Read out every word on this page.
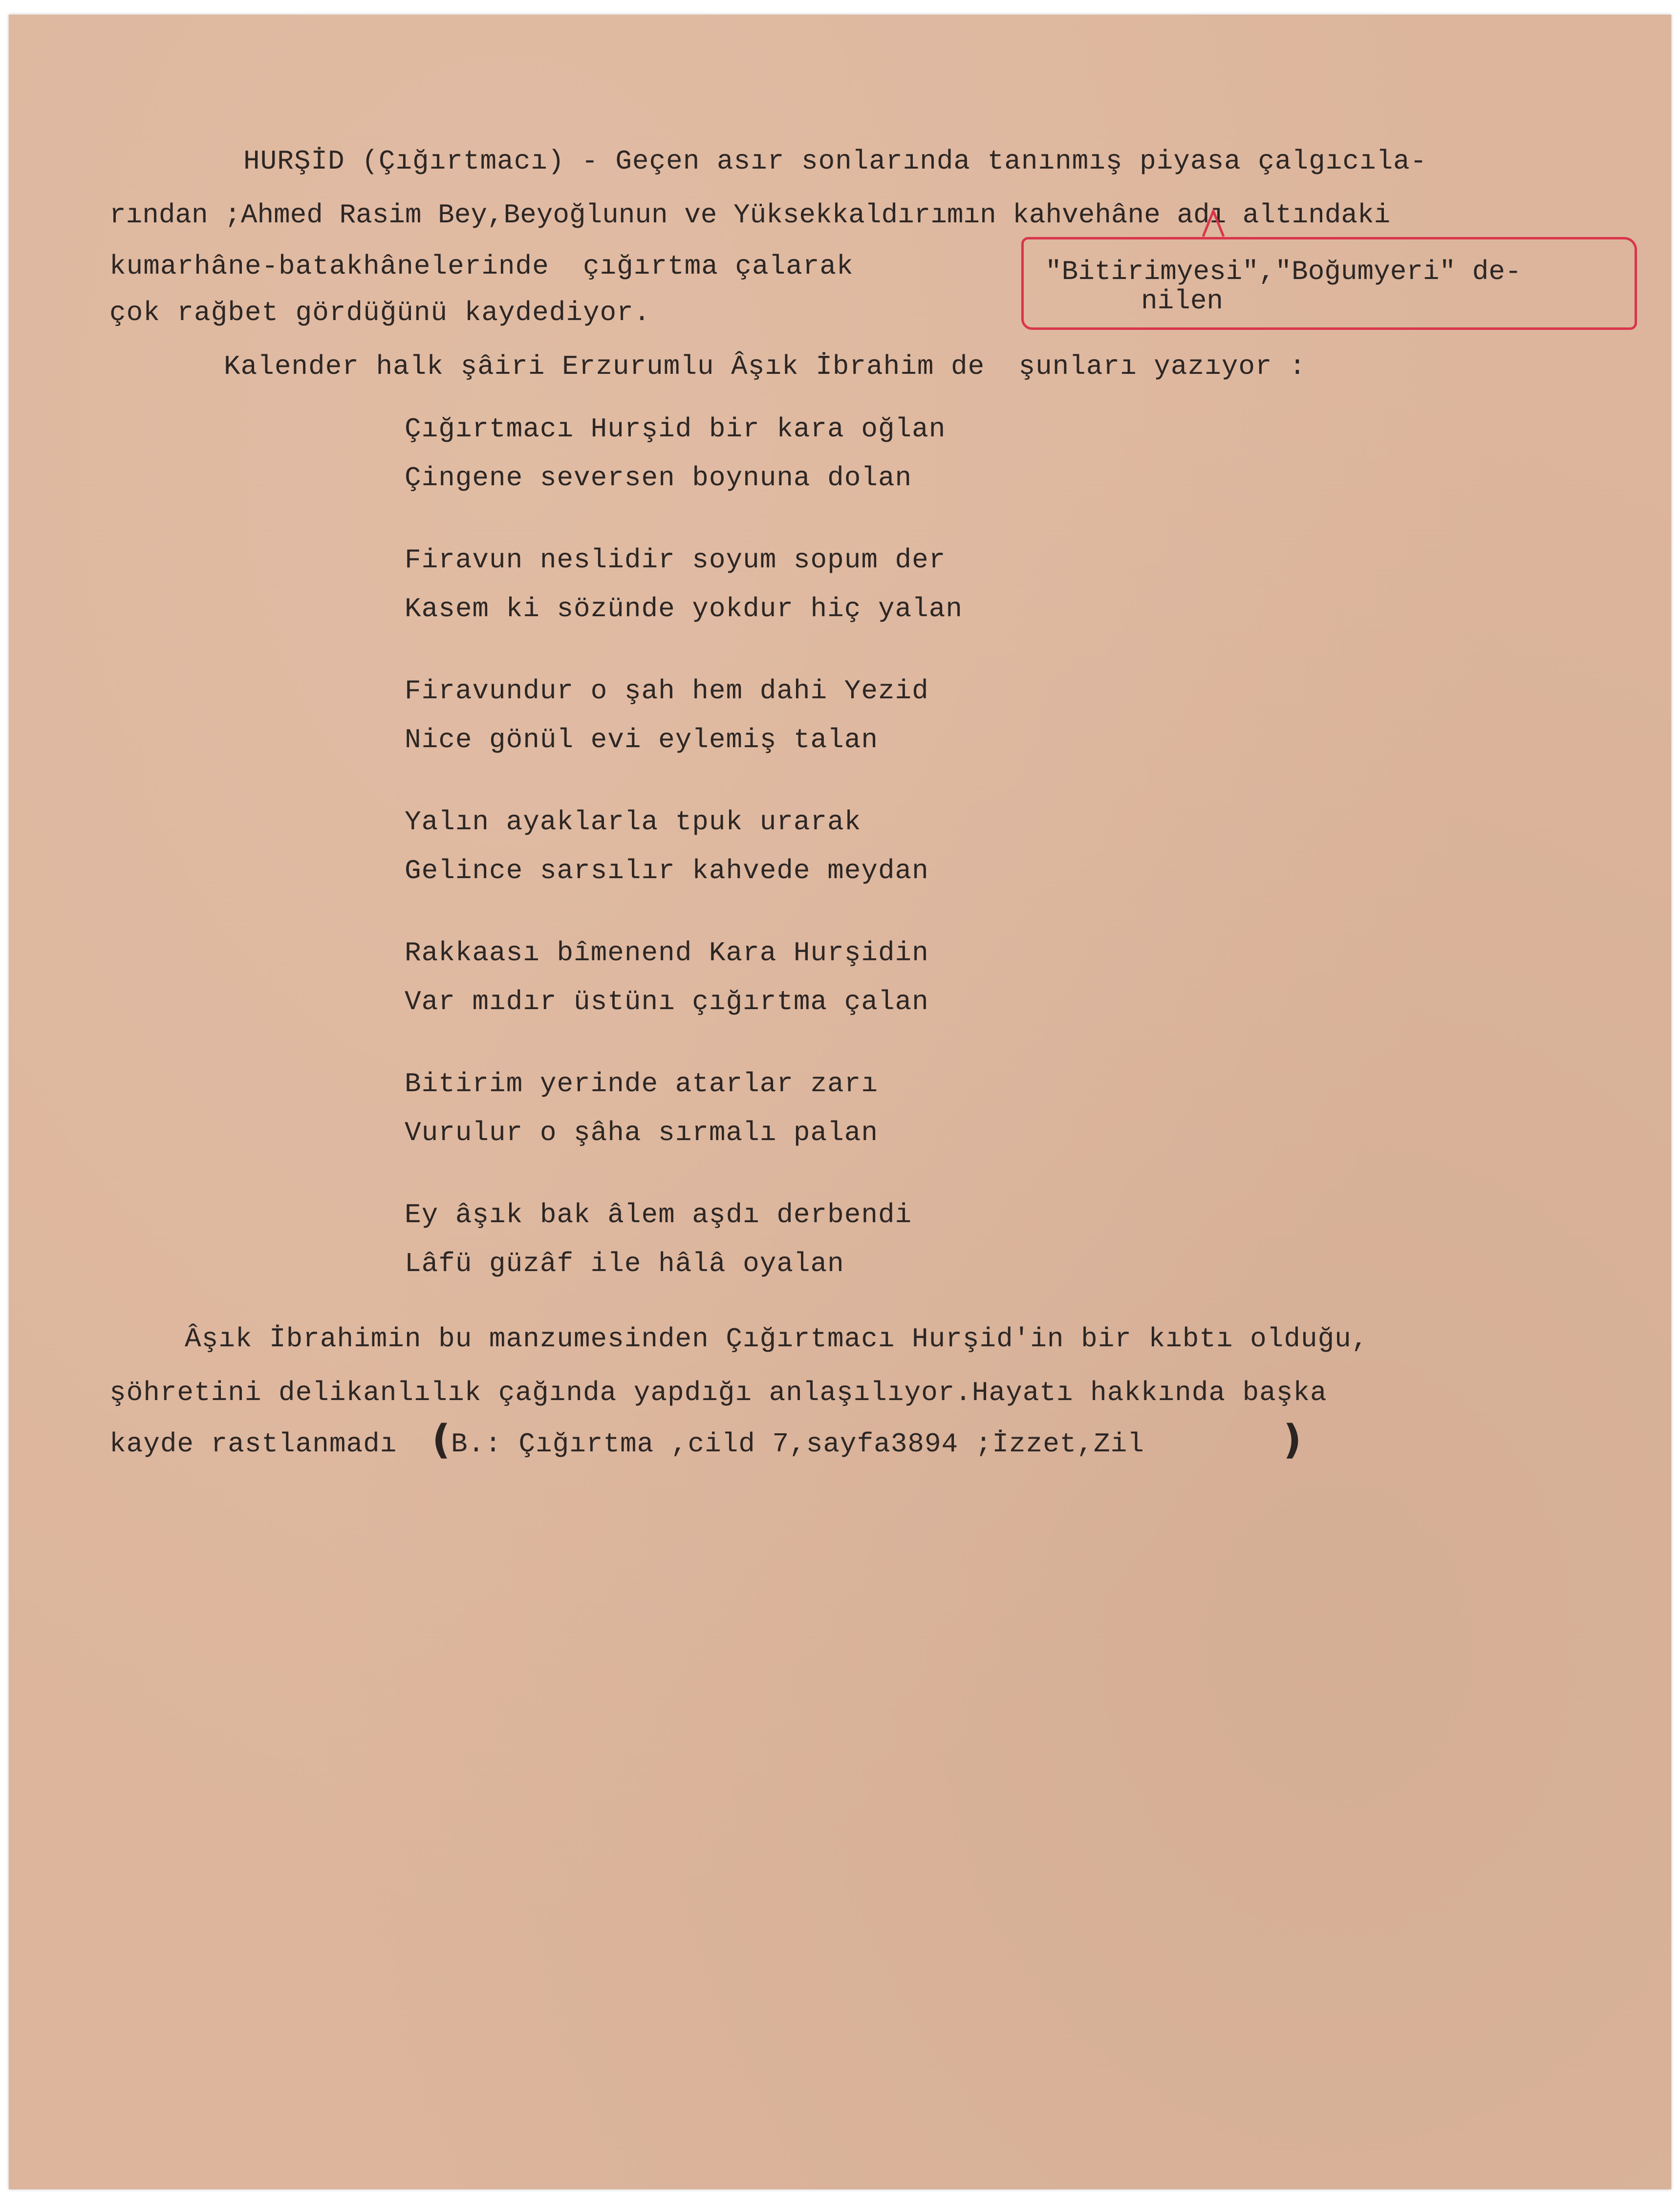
HURŞİD (Çığırtmacı) - Geçen asır sonlarında tanınmış piyasa çalgıcıla-
rından ;Ahmed Rasim Bey,Beyoğlunun ve Yüksekkaldırımın kahvehâne adı altındaki
kumarhâne-batakhânelerinde  çığırtma çalarak
çok rağbet gördüğünü kaydediyor.
Kalender halk şâiri Erzurumlu Âşık İbrahim de  şunları yazıyor :
"Bitirimyesi","Boğumyeri" de-
nilen
Çığırtmacı Hurşid bir kara oğlan
Çingene seversen boynuna dolan
Firavun neslidir soyum sopum der
Kasem ki sözünde yokdur hiç yalan
Firavundur o şah hem dahi Yezid
Nice gönül evi eylemiş talan
Yalın ayaklarla tpuk urarak
Gelince sarsılır kahvede meydan
Rakkaası bîmenend Kara Hurşidin
Var mıdır üstünı çığırtma çalan
Bitirim yerinde atarlar zarı
Vurulur o şâha sırmalı palan
Ey âşık bak âlem aşdı derbendi
Lâfü güzâf ile hâlâ oyalan
Âşık İbrahimin bu manzumesinden Çığırtmacı Hurşid'in bir kıbtı olduğu,
şöhretini delikanlılık çağında yapdığı anlaşılıyor.Hayatı hakkında başka
kayde rastlanmadı ( B.: Çığırtma ,cild 7,sayfa3894 ;İzzet,Zil	)
